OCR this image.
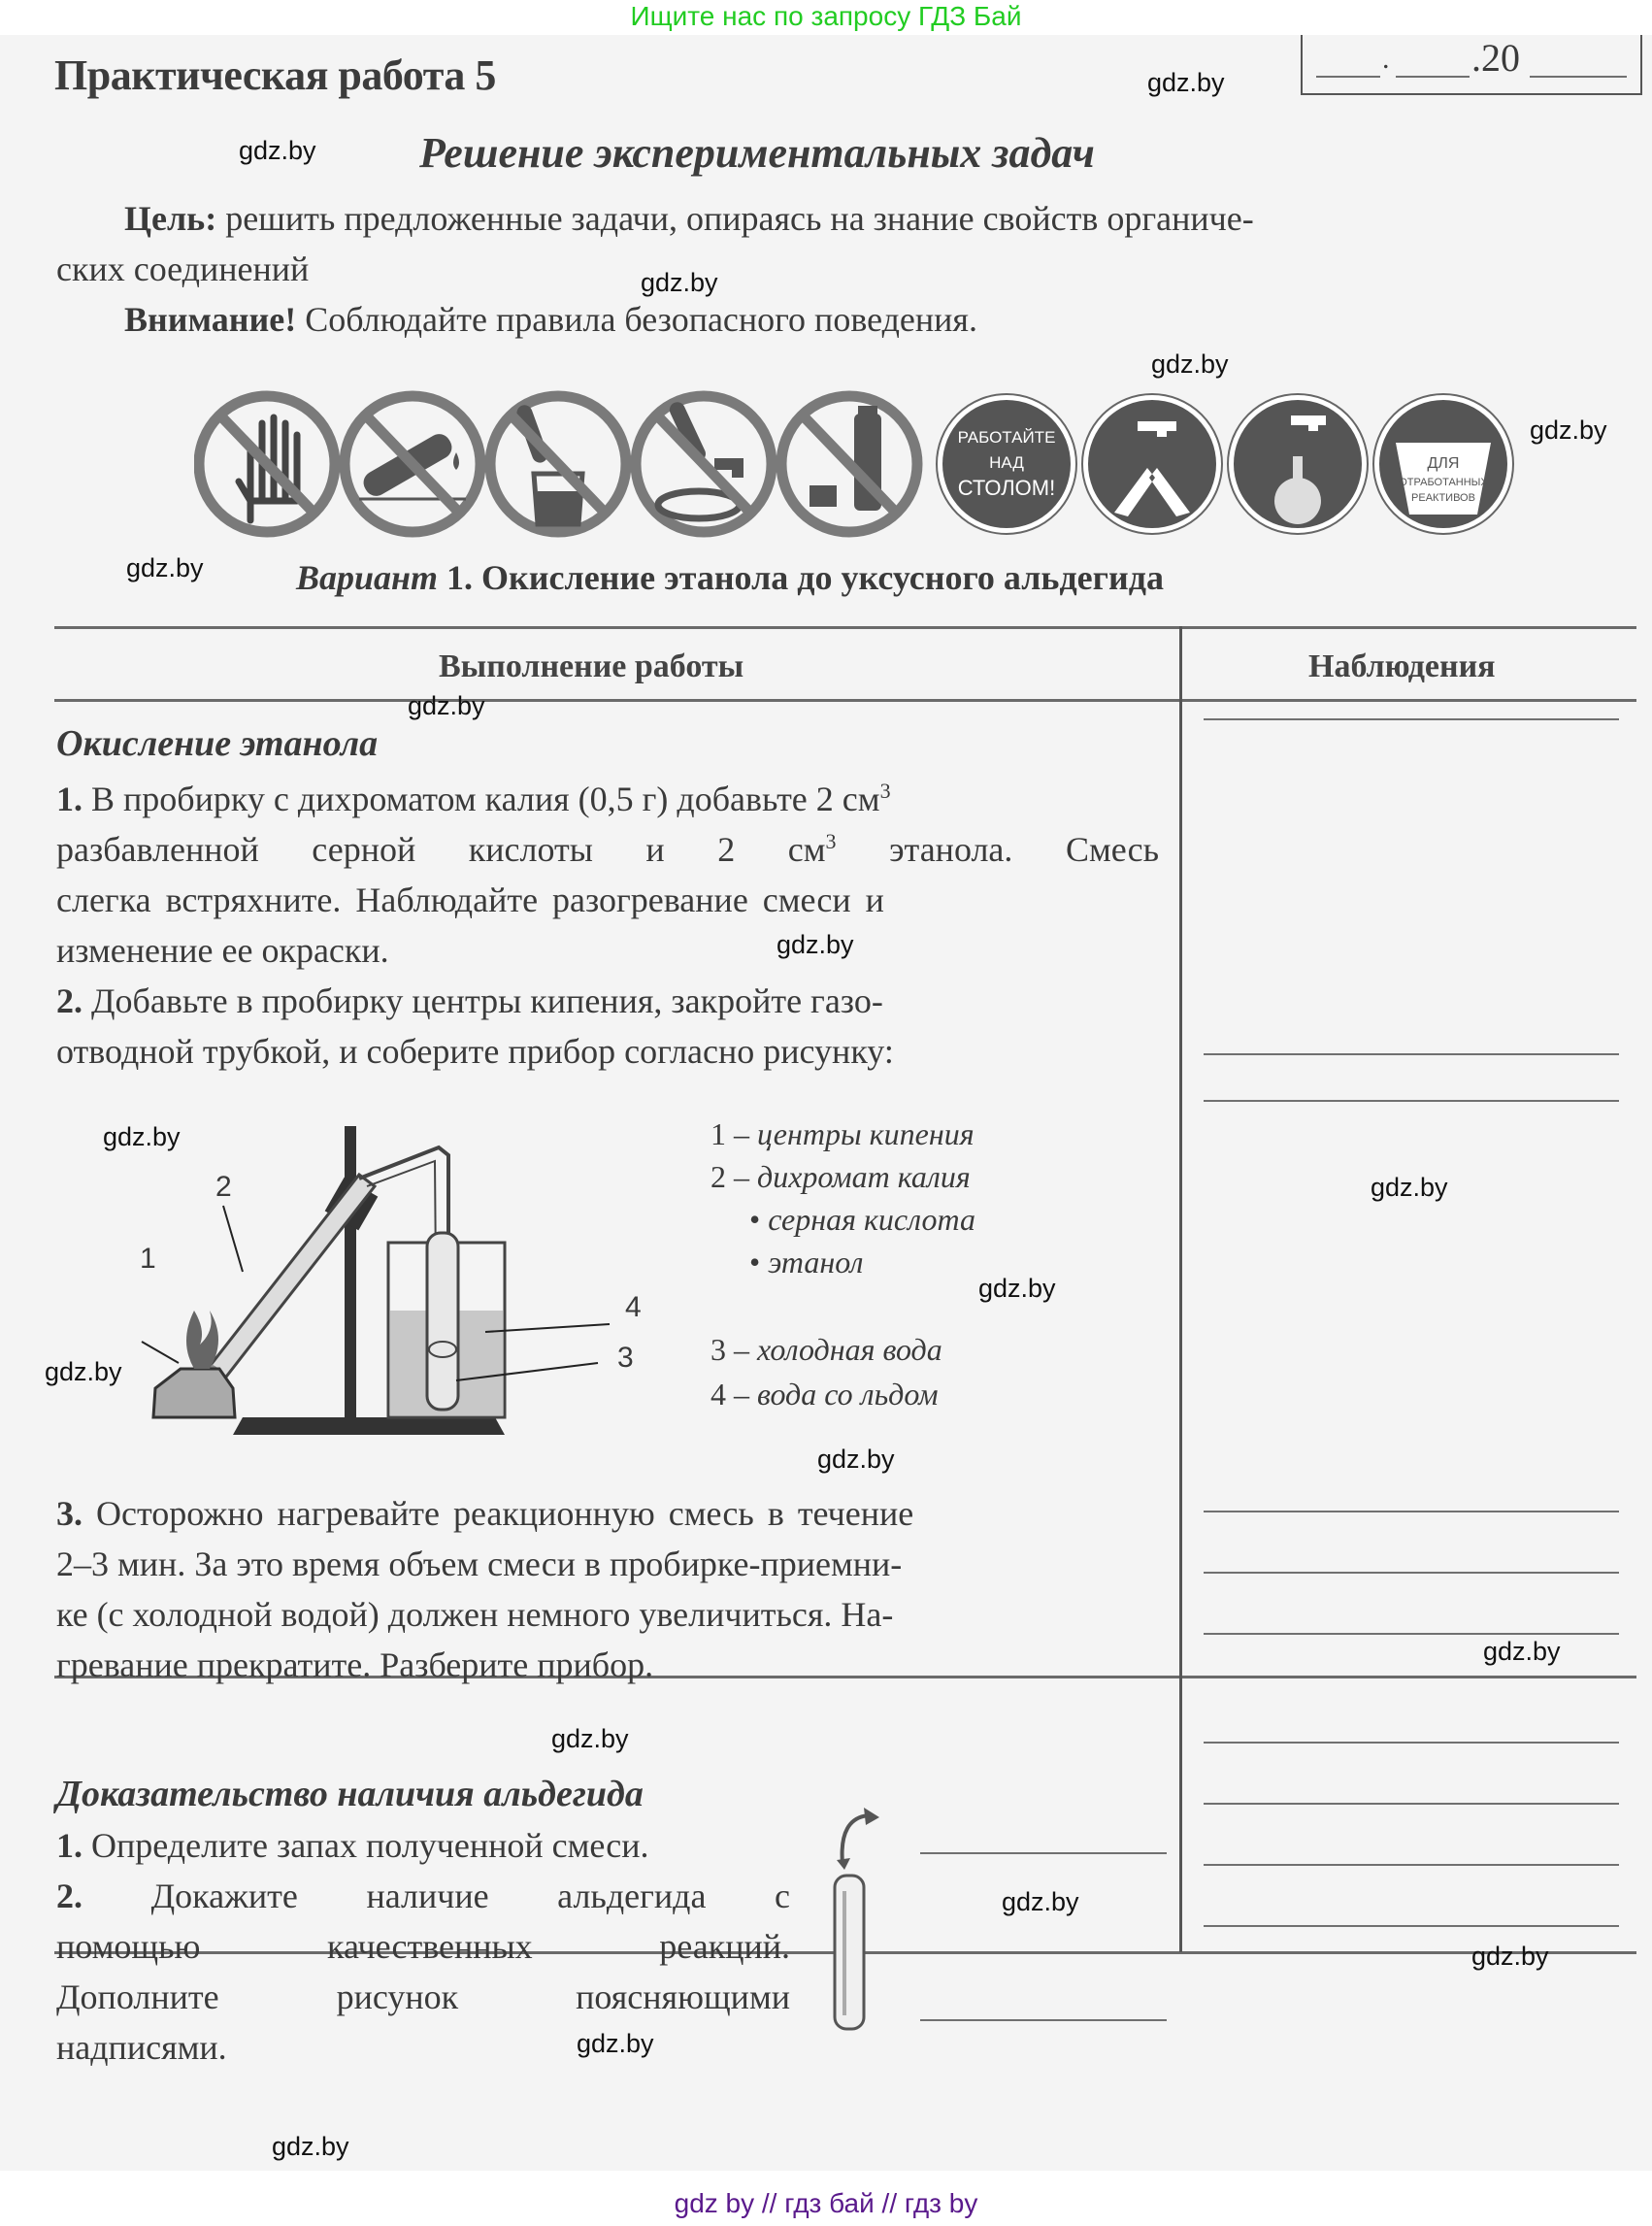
Ищите нас по запросу ГДЗ Бай
. .20
Практическая работа 5
Решение экспериментальных задач
Цель: решить предложенные задачи, опираясь на знание свойств органиче-
ских соединений
Внимание! Соблюдайте правила безопасного поведения.
РАБОТАЙТЕ
НАД
СТОЛОМ!
ДЛЯ
ОТРАБОТАННЫХ
РЕАКТИВОВ
Вариант 1. Окисление этанола до уксусного альдегида
Выполнение работы	Наблюдения
Окисление этанола
1. В пробирку с дихроматом калия (0,5 г) добавьте 2 $см^3$
разбавленной серной кислоты и 2 $см^3$ этанола. Смесь
слегка встряхните. Наблюдайте разогревание смеси и
изменение ее окраски.
2. Добавьте в пробирку центры кипения, закройте газо-
отводной трубкой, и соберите прибор согласно рисунку:
2
1
3
4
1 – центры кипения
2 – дихромат калия
• серная кислота
• этанол
3 – холодная вода
4 – вода со льдом
3. Осторожно нагревайте реакционную смесь в течение
2–3 мин. За это время объем смеси в пробирке-приемни-
ке (с холодной водой) должен немного увеличиться. На-
гревание прекратите. Разберите прибор.
Доказательство наличия альдегида
1. Определите запах полученной смеси.
2. Докажите наличие альдегида с
помощью качественных реакций.
Дополните рисунок поясняющими
надписями.
gdz.by
gdz.by
gdz.by
gdz.by
gdz.by
gdz.by
gdz.by
gdz.by
gdz.by
gdz.by
gdz.by
gdz.by
gdz.by
gdz.by
gdz.by
gdz.by
gdz.by
gdz.by
gdz.by
gdz by // гдз бай // гдз by
